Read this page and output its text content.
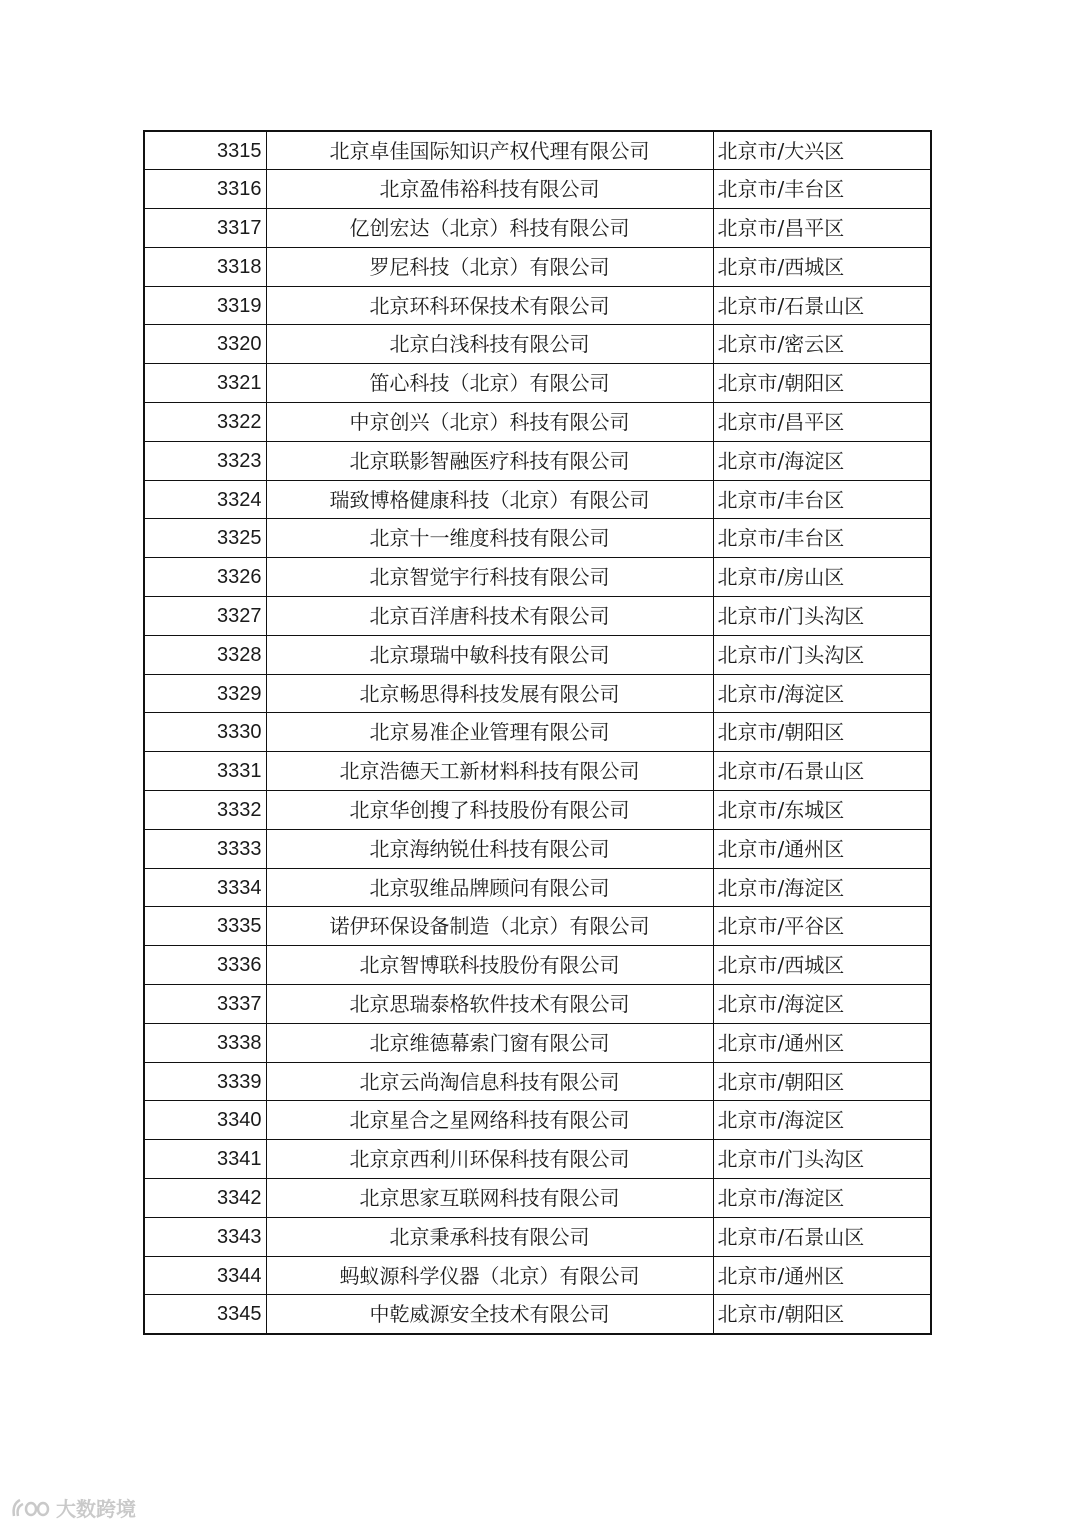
3315	北京卓佳国际知识产权代理有限公司	北京市/大兴区
3316	北京盈伟裕科技有限公司	北京市/丰台区
3317	亿创宏达（北京）科技有限公司	北京市/昌平区
3318	罗尼科技（北京）有限公司	北京市/西城区
3319	北京环科环保技术有限公司	北京市/石景山区
3320	北京白浅科技有限公司	北京市/密云区
3321	笛心科技（北京）有限公司	北京市/朝阳区
3322	中京创兴（北京）科技有限公司	北京市/昌平区
3323	北京联影智融医疗科技有限公司	北京市/海淀区
3324	瑞致博格健康科技（北京）有限公司	北京市/丰台区
3325	北京十一维度科技有限公司	北京市/丰台区
3326	北京智觉宇行科技有限公司	北京市/房山区
3327	北京百洋唐科技术有限公司	北京市/门头沟区
3328	北京璟瑞中敏科技有限公司	北京市/门头沟区
3329	北京畅思得科技发展有限公司	北京市/海淀区
3330	北京易准企业管理有限公司	北京市/朝阳区
3331	北京浩德天工新材料科技有限公司	北京市/石景山区
3332	北京华创搜了科技股份有限公司	北京市/东城区
3333	北京海纳锐仕科技有限公司	北京市/通州区
3334	北京驭维品牌顾问有限公司	北京市/海淀区
3335	诺伊环保设备制造（北京）有限公司	北京市/平谷区
3336	北京智博联科技股份有限公司	北京市/西城区
3337	北京思瑞泰格软件技术有限公司	北京市/海淀区
3338	北京维德幕索门窗有限公司	北京市/通州区
3339	北京云尚淘信息科技有限公司	北京市/朝阳区
3340	北京星合之星网络科技有限公司	北京市/海淀区
3341	北京京西利川环保科技有限公司	北京市/门头沟区
3342	北京思家互联网科技有限公司	北京市/海淀区
3343	北京秉承科技有限公司	北京市/石景山区
3344	蚂蚁源科学仪器（北京）有限公司	北京市/通州区
3345	中乾威源安全技术有限公司	北京市/朝阳区
大数跨境
